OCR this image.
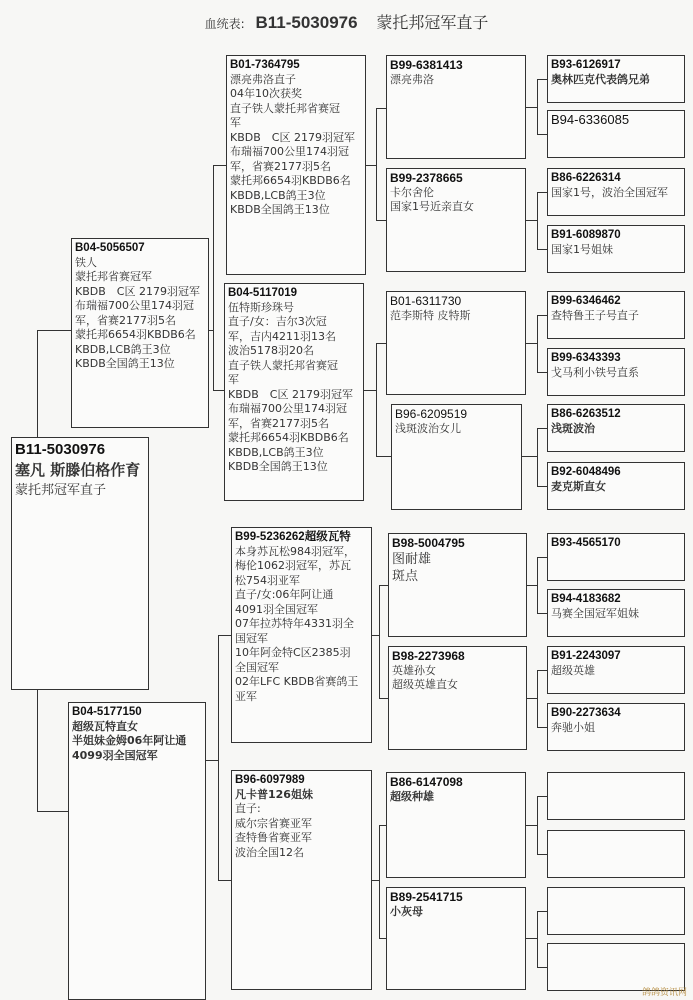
血统表: B11-5030976 蒙托邦冠军直子
B11-5030976
塞凡 斯滕伯格作育
蒙托邦冠军直子
B04-5056507
铁人
蒙托邦省赛冠军
KBDB　C区 2179羽冠军
布瑞福700公里174羽冠
军，省赛2177羽5名
蒙托邦6654羽KBDB6名
KBDB,LCB鸽王3位
KBDB全国鸽王13位
B04-5177150
超级瓦特直女
半姐妹金姆06年阿让通
4099羽全国冠军
B01-7364795
漂亮弗洛直子
04年10次获奖
直子铁人蒙托邦省赛冠
军
KBDB　C区 2179羽冠军
布瑞福700公里174羽冠
军，省赛2177羽5名
蒙托邦6654羽KBDB6名
KBDB,LCB鸽王3位
KBDB全国鸽王13位
B04-5117019
伍特斯珍珠号
直子/女：吉尔3次冠
军，吉内4211羽13名
波治5178羽20名
直子铁人蒙托邦省赛冠
军
KBDB　C区 2179羽冠军
布瑞福700公里174羽冠
军，省赛2177羽5名
蒙托邦6654羽KBDB6名
KBDB,LCB鸽王3位
KBDB全国鸽王13位
B99-5236262超级瓦特
本身苏瓦松984羽冠军，
梅伦1062羽冠军，苏瓦
松754羽亚军
直子/女:06年阿让通
4091羽全国冠军
07年拉苏特年4331羽全
国冠军
10年阿金特C区2385羽
全国冠军
02年LFC KBDB省赛鸽王
亚军
B96-6097989
凡卡普126姐妹
直子:
威尔宗省赛亚军
查特鲁省赛亚军
波治全国12名
B99-6381413
漂亮弗洛
B99-2378665
卡尔舍伦
国家1号近亲直女
B01-6311730
范李斯特 皮特斯
B96-6209519
浅斑波治女儿
B98-5004795
图耐雄
斑点
B98-2273968
英雄孙女
超级英雄直女
B86-6147098
超级种雄
B89-2541715
小灰母
B93-6126917
奥林匹克代表鸽兄弟
B94-6336085
B86-6226314
国家1号，波治全国冠军
B91-6089870
国家1号姐妹
B99-6346462
查特鲁王子号直子
B99-6343393
戈马利小铁号直系
B86-6263512
浅斑波治
B92-6048496
麦克斯直女
B93-4565170
B94-4183682
马赛全国冠军姐妹
B91-2243097
超级英雄
B90-2273634
奔驰小姐
鸽鸽资讯网
